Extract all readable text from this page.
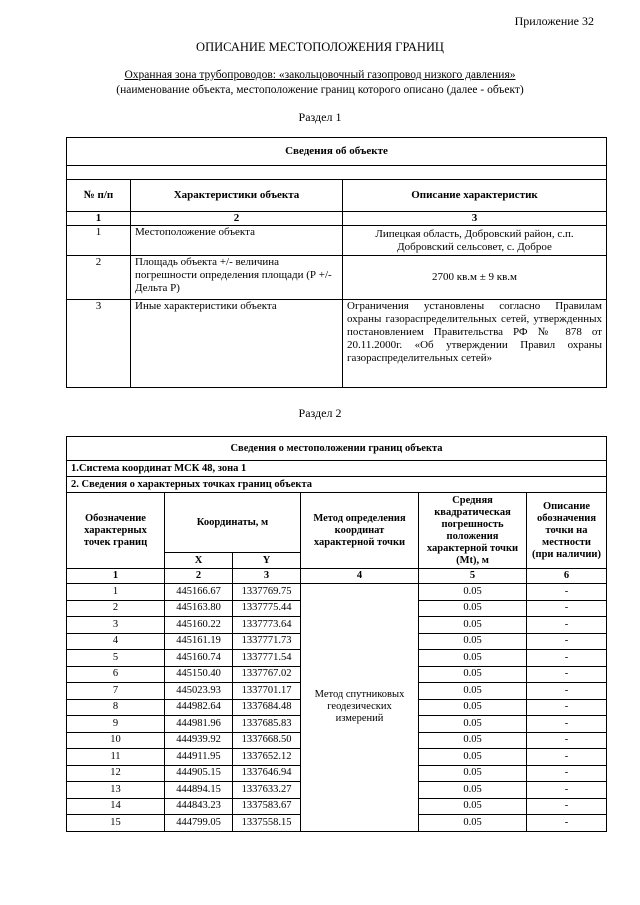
Приложение 32
ОПИСАНИЕ МЕСТОПОЛОЖЕНИЯ ГРАНИЦ
Охранная зона трубопроводов: «закольцовочный газопровод низкого давления»
(наименование объекта, местоположение границ которого описано (далее - объект)
Раздел 1
Сведения об объекте		

№ п/п	Характеристики объекта	Описание характеристик
1	2	3
1	Местоположение объекта	Липецкая область, Добровский район, с.п. Добровский сельсовет, с. Доброе
2	Площадь объекта +/- величина погрешности определения площади (Р +/- Дельта Р)	2700 кв.м ± 9 кв.м
3	Иные характеристики объекта	Ограничения установлены согласно Правилам охраны газораспределительных сетей, утвержденных постановлением Правительства РФ № 878 от 20.11.2000г. «Об утверждении Правил охраны газораспределительных сетей»
Раздел 2
Сведения о местоположении границ объекта					
1.Система координат МСК 48, зона 1					
2. Сведения о характерных точках границ объекта					
Обозначение характерных точек границ	Координаты, м		Метод определения координат характерной точки	Средняя квадратическая погрешность положения характерной точки (Mt), м	Описание обозначения точки на местности (при наличии)
	X	Y			
1	2	3	4	5	6
1	445166.67	1337769.75	Метод спутниковых геодезических измерений	0.05	-
2	445163.80	1337775.44		0.05	-
3	445160.22	1337773.64		0.05	-
4	445161.19	1337771.73		0.05	-
5	445160.74	1337771.54		0.05	-
6	445150.40	1337767.02		0.05	-
7	445023.93	1337701.17		0.05	-
8	444982.64	1337684.48		0.05	-
9	444981.96	1337685.83		0.05	-
10	444939.92	1337668.50		0.05	-
11	444911.95	1337652.12		0.05	-
12	444905.15	1337646.94		0.05	-
13	444894.15	1337633.27		0.05	-
14	444843.23	1337583.67		0.05	-
15	444799.05	1337558.15		0.05	-
